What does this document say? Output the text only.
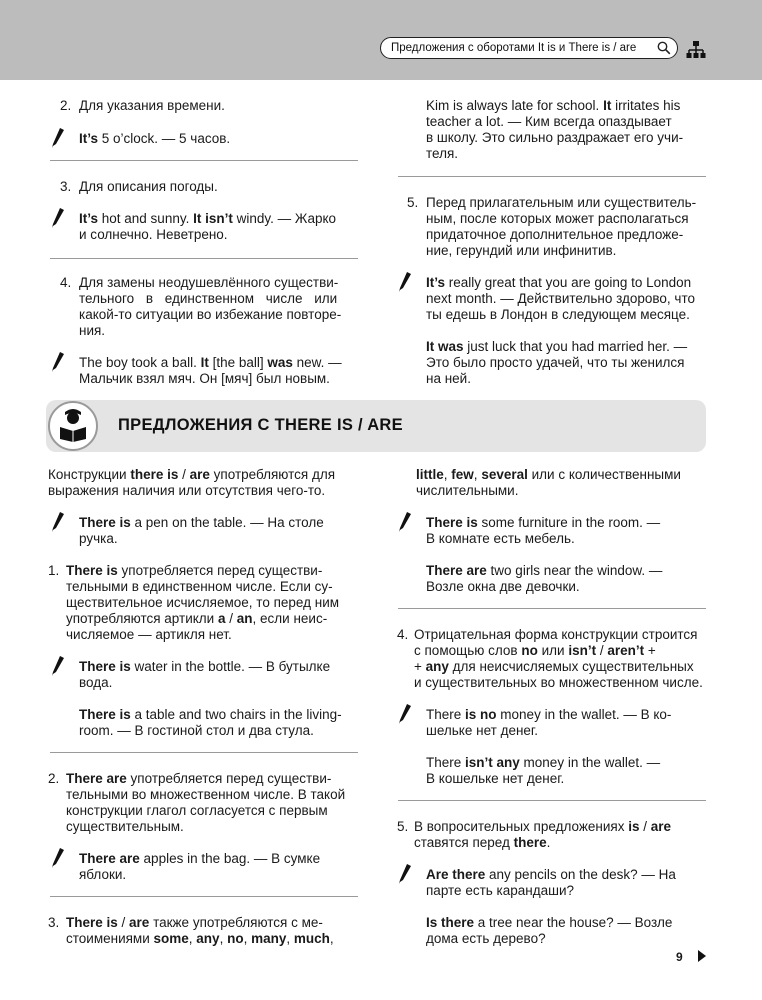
Предложения с оборотами It is и There is / are
2. Для указания времени.
It’s 5 o’clock. — 5 часов.
3. Для описания погоды.
It’s hot and sunny. It isn’t windy. — Жарко
и солнечно. Неветрено.
4. Для замены неодушевлённого существи-
тельного в единственном числе или
какой-то ситуации во избежание повторе-
ния.
The boy took a ball. It [the ball] was new. —
Мальчик взял мяч. Он [мяч] был новым.
Kim is always late for school. It irritates his
teacher a lot. — Ким всегда опаздывает
в школу. Это сильно раздражает его учи-
теля.
5. Перед прилагательным или существитель-
ным, после которых может располагаться
придаточное дополнительное предложе-
ние, герундий или инфинитив.
It’s really great that you are going to London
next month. — Действительно здорово, что
ты едешь в Лондон в следующем месяце.
It was just luck that you had married her. —
Это было просто удачей, что ты женился
на ней.
ПРЕДЛОЖЕНИЯ С THERE IS / ARE
Конструкции there is / are употребляются для
выражения наличия или отсутствия чего-то.
There is a pen on the table. — На столе
ручка.
1. There is употребляется перед существи-
тельными в единственном числе. Если су-
ществительное исчисляемое, то перед ним
употребляются артикли a / an, если неис-
числяемое — артикля нет.
There is water in the bottle. — В бутылке
вода.
There is a table and two chairs in the living-
room. — В гостиной стол и два стула.
2. There are употребляется перед существи-
тельными во множественном числе. В такой
конструкции глагол согласуется с первым
существительным.
There are apples in the bag. — В сумке
яблоки.
3. There is / are также употребляются с ме-
стоимениями some, any, no, many, much,
little, few, several или с количественными
числительными.
There is some furniture in the room. —
В комнате есть мебель.
There are two girls near the window. —
Возле окна две девочки.
4. Отрицательная форма конструкции строится
с помощью слов no или isn’t / aren’t +
+ any для неисчисляемых существительных
и существительных во множественном числе.
There is no money in the wallet. — В ко-
шельке нет денег.
There isn’t any money in the wallet. —
В кошельке нет денег.
5. В вопросительных предложениях is / are
ставятся перед there.
Are there any pencils on the desk? — На
парте есть карандаши?
Is there a tree near the house? — Возле
дома есть дерево?
9
